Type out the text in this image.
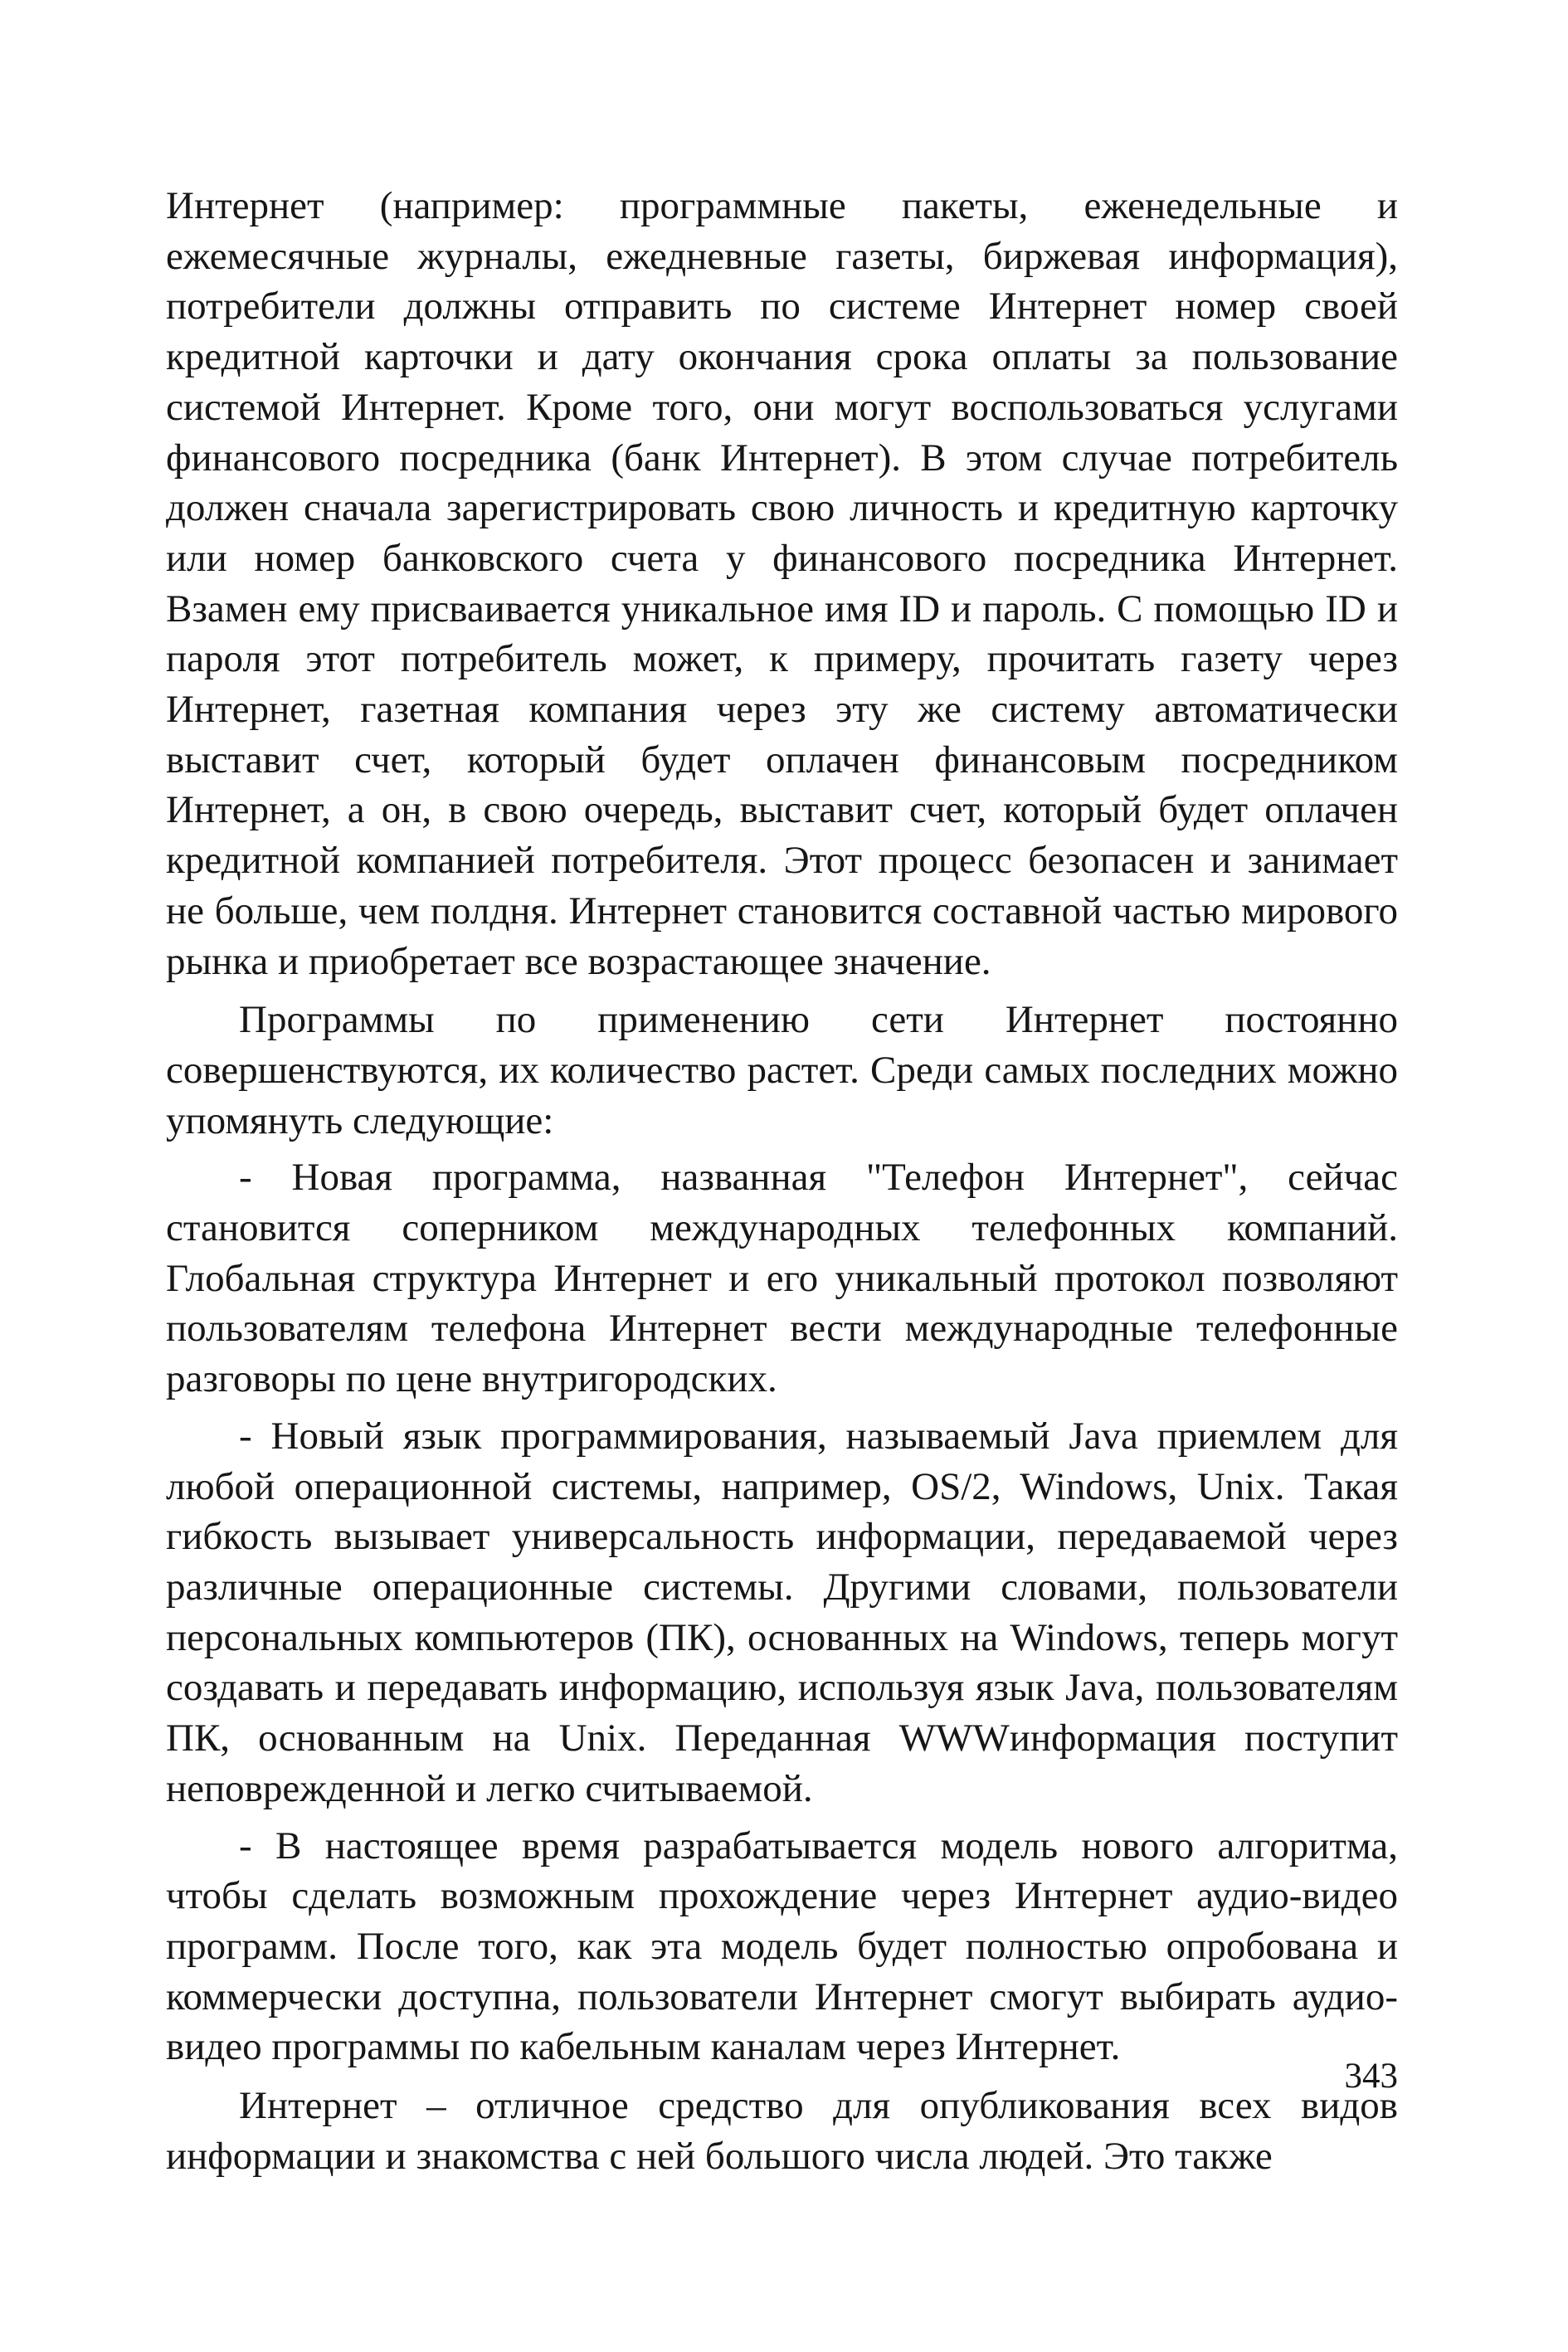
Интернет (например: программные пакеты, еженедельные и ежемесячные журналы, ежедневные газеты, биржевая информация), потребители должны отправить по системе Интернет номер своей кредитной карточки и дату окончания срока оплаты за пользование системой Интернет. Кроме того, они могут воспользоваться услугами финансового посредника (банк Интернет). В этом случае потребитель должен сначала зарегистрировать свою личность и кредитную карточку или номер банковского счета у финансового посредника Интернет. Взамен ему присваивается уникальное имя ID и пароль. С помощью ID и пароля этот потребитель может, к примеру, прочитать газету через Интернет, газетная компания через эту же систему автоматически выставит счет, который будет оплачен финансовым посредником Интернет, а он, в свою очередь, выставит счет, который будет оплачен кредитной компанией потребителя. Этот процесс безопасен и занимает не больше, чем полдня. Интернет становится составной частью мирового рынка и приобретает все возрастающее значение.

Программы по применению сети Интернет постоянно совершенствуются, их количество растет. Среди самых последних можно упомянуть следующие:

- Новая программа, названная "Телефон Интернет", сейчас становится соперником международных телефонных компаний. Глобальная структура Интернет и его уникальный протокол позволяют пользователям телефона Интернет вести международные телефонные разговоры по цене внутригородских.

- Новый язык программирования, называемый Java приемлем для любой операционной системы, например, OS/2, Windows, Unix. Такая гибкость вызывает универсальность информации, передаваемой через различные операционные системы. Другими словами, пользователи персональных компьютеров (ПК), основанных на Windows, теперь могут создавать и передавать информацию, используя язык Java, пользователям ПК, основанным на Unix. Переданная WWWинформация поступит неповрежденной и легко считываемой.

- В настоящее время разрабатывается модель нового алгоритма, чтобы сделать возможным прохождение через Интернет аудио-видео программ. После того, как эта модель будет полностью опробована и коммерчески доступна, пользователи Интернет смогут выбирать аудио-видео программы по кабельным каналам через Интернет.

Интернет – отличное средство для опубликования всех видов информации и знакомства с ней большого числа людей. Это также

343
